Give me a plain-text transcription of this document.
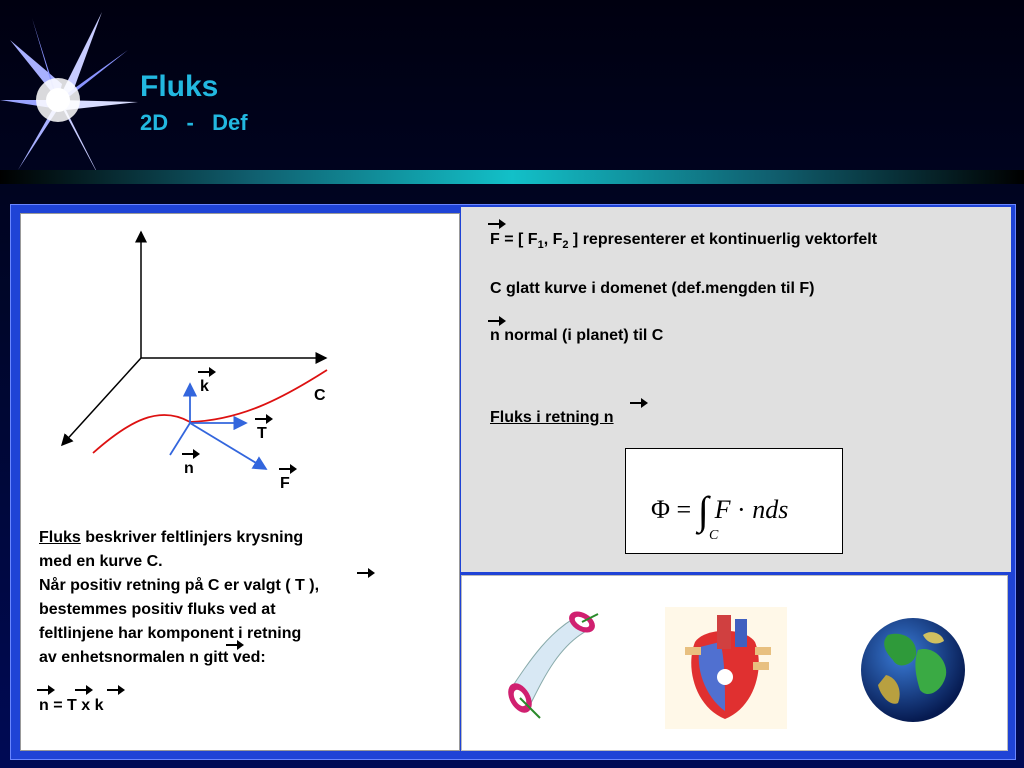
Fluks
2D   -   Def
k
C
T
n
F
Fluks beskriver feltlinjers krysning
med en kurve C.
Når positiv retning på C er valgt ( T ),
bestemmes positiv fluks ved at
feltlinjene har komponent i retning
av enhetsnormalen n gitt ved:
n = T x k
F = [ $F_1$, $F_2$ ] representerer et kontinuerlig vektorfelt
C glatt kurve i domenet (def.mengden til F)
n normal (i planet) til C
Fluks i retning n
Φ = ∫ F · nds
C
